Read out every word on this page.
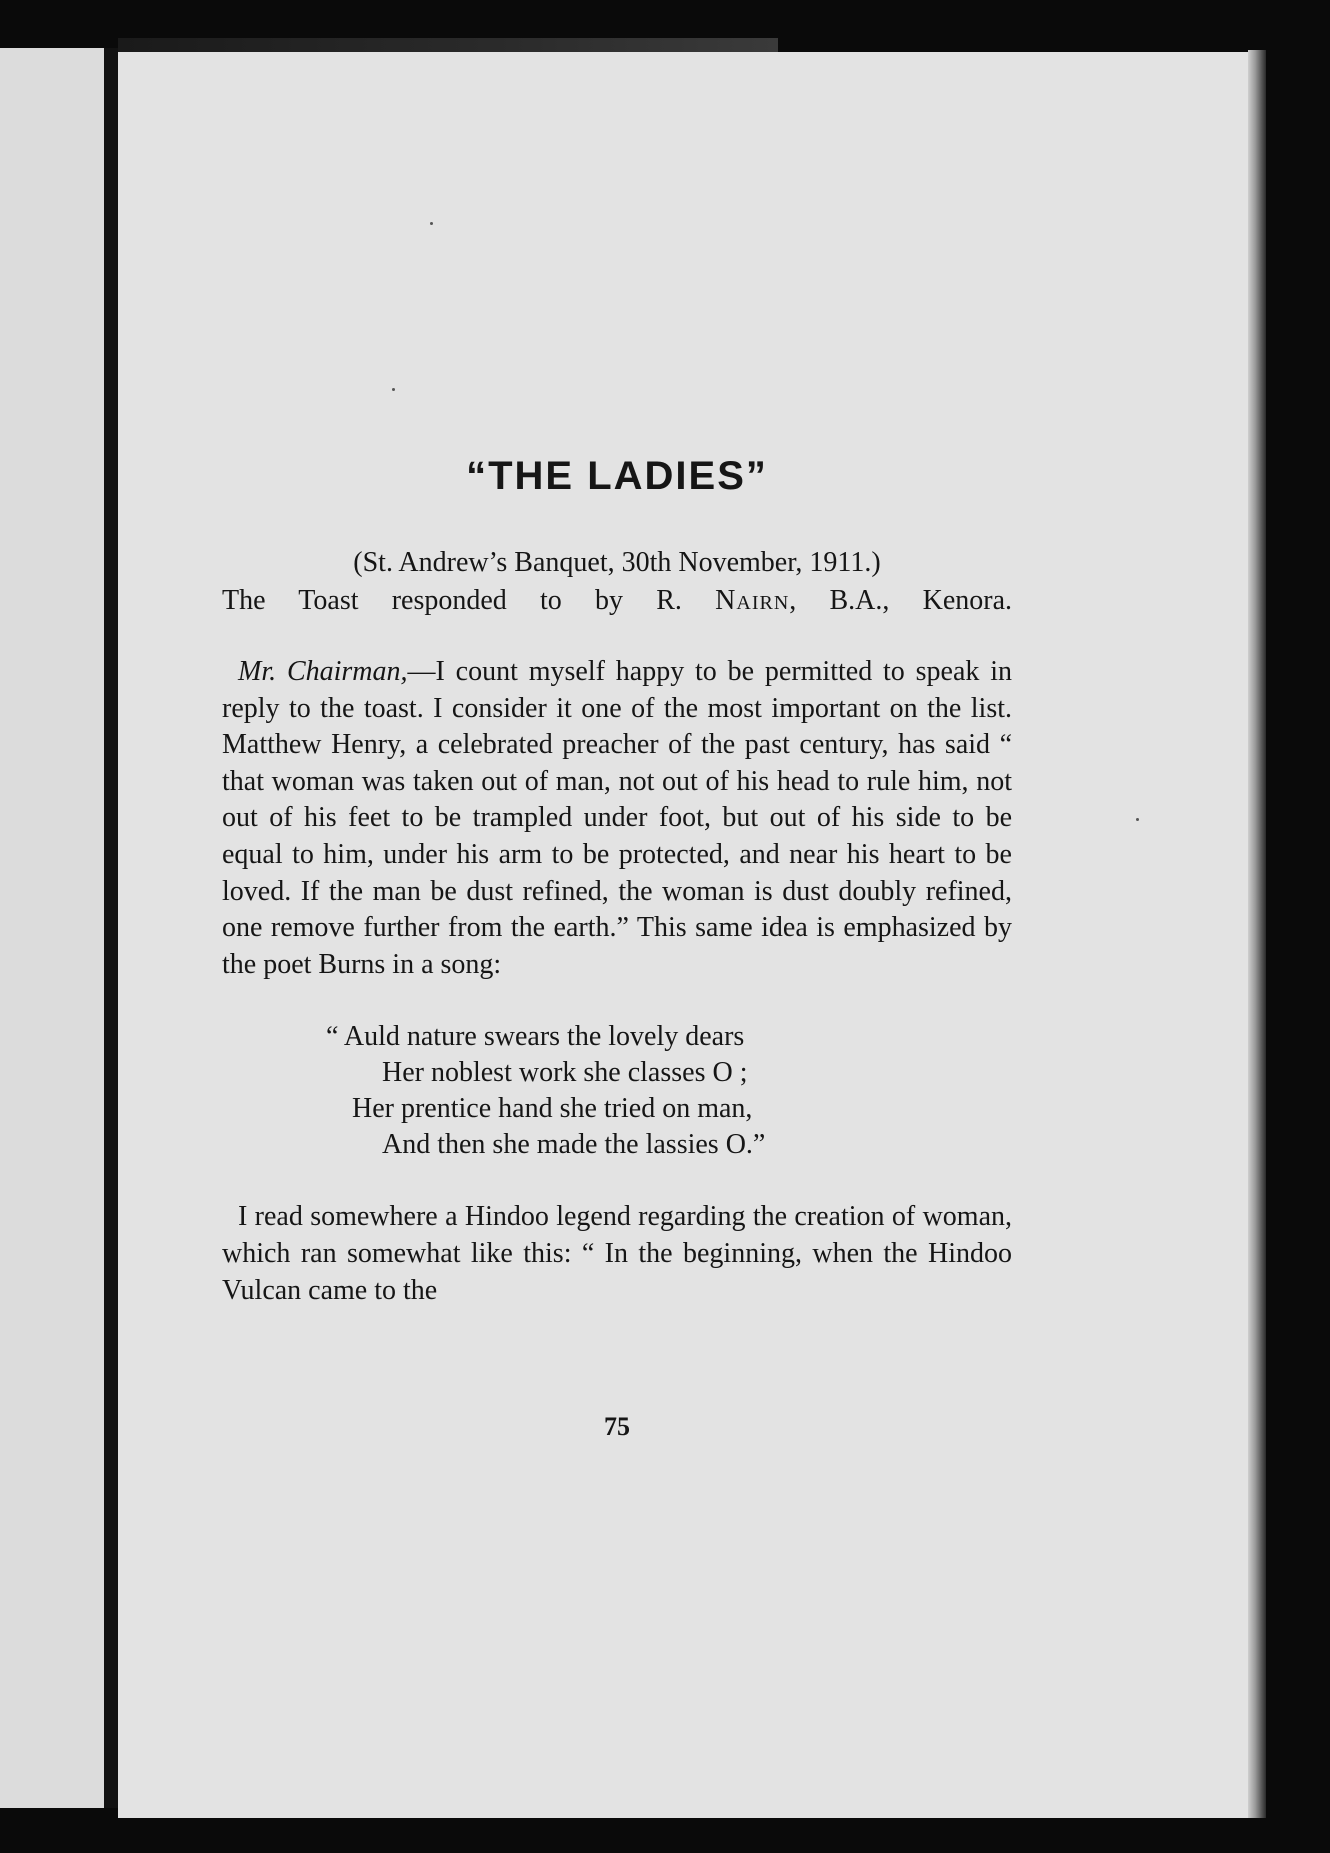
“THE LADIES”

(St. Andrew’s Banquet, 30th November, 1911.)

The Toast responded to by R. Nairn, B.A., Kenora.

Mr. Chairman,—I count myself happy to be permitted to speak in reply to the toast. I consider it one of the most important on the list. Matthew Henry, a celebrated preacher of the past century, has said “ that woman was taken out of man, not out of his head to rule him, not out of his feet to be trampled under foot, but out of his side to be equal to him, under his arm to be protected, and near his heart to be loved. If the man be dust refined, the woman is dust doubly refined, one remove further from the earth.” This same idea is emphasized by the poet Burns in a song:

“ Auld nature swears the lovely dears
Her noblest work she classes O ;
Her prentice hand she tried on man,
And then she made the lassies O.”

I read somewhere a Hindoo legend regarding the creation of woman, which ran somewhat like this: “ In the beginning, when the Hindoo Vulcan came to the

75
